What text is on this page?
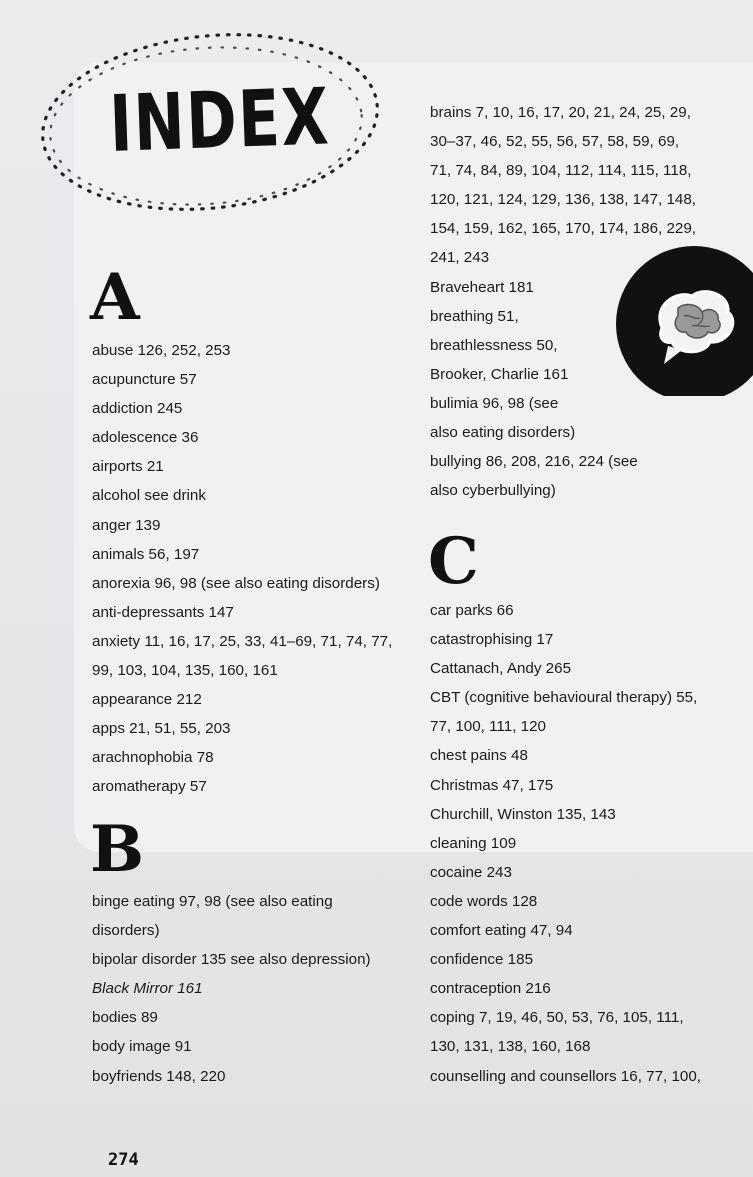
INDEX
A
B
C
brains 7, 10, 16, 17, 20, 21, 24, 25, 29,
30–37, 46, 52, 55, 56, 57, 58, 59, 69,
71, 74, 84, 89, 104, 112, 114, 115, 118,
120, 121, 124, 129, 136, 138, 147, 148,
154, 159, 162, 165, 170, 174, 186, 229,
241, 243
Braveheart 181
breathing 51,
breathlessness 50,
Brooker, Charlie 161
bulimia 96, 98 (see
also eating disorders)
bullying 86, 208, 216, 224 (see
also cyberbullying)
abuse 126, 252, 253
acupuncture 57
addiction 245
adolescence 36
airports 21
alcohol see drink
anger 139
animals 56, 197
anorexia 96, 98 (see also eating disorders)
anti-depressants 147
anxiety 11, 16, 17, 25, 33, 41–69, 71, 74, 77,
99, 103, 104, 135, 160, 161
appearance 212
apps 21, 51, 55, 203
arachnophobia 78
aromatherapy 57
binge eating 97, 98 (see also eating
disorders)
bipolar disorder 135 see also depression)
Black Mirror 161
bodies 89
body image 91
boyfriends 148, 220
car parks 66
catastrophising 17
Cattanach, Andy 265
CBT (cognitive behavioural therapy) 55,
77, 100, 111, 120
chest pains 48
Christmas 47, 175
Churchill, Winston 135, 143
cleaning 109
cocaine 243
code words 128
comfort eating 47, 94
confidence 185
contraception 216
coping 7, 19, 46, 50, 53, 76, 105, 111,
130, 131, 138, 160, 168
counselling and counsellors 16, 77, 100,
274
